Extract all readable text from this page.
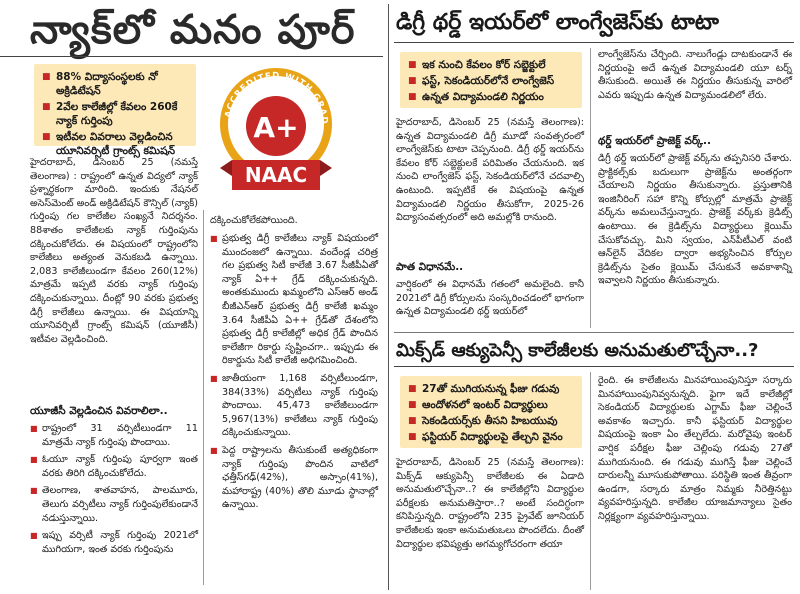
న్యాక్‌లో మనం పూర్
■ 88% విద్యాసంస్థలకు నో అక్రిడిటేషన్
■ 2వేల కాలేజీల్లో కేవలం 260కే న్యాక్ గుర్తింపు
■ ఇటీవల వివరాలు వెల్లడించిన యూనివర్సిటీ గ్రాంట్స్ కమిషన్
ACCREDITED WITH GRAD
A+
NAAC

హైదరాబాద్, డిసెంబర్ 25 (నమస్తే తెలంగాణ) : రాష్ట్రంలో ఉన్నత విద్యలో న్యాక్ ప్రశ్నార్థకంగా మారింది. ఇందుకు నేషనల్ అసెస్‌మెంట్ అండ్ అక్రిడిటేషన్ కౌన్సిల్ (న్యాక్) గుర్తింపు గల కాలేజీల సంఖ్యనే నిదర్శనం. 88శాతం కాలేజీలకు న్యాక్ గుర్తింపును దక్కించుకోలేదు. ఈ విషయంలో రాష్ట్రంలోని కాలేజీలు అత్యంత వెనుకబడి ఉన్నాయి. 2,083 కాలేజీలుండగా కేవలం 260(12%) మాత్రమే ఇప్పటి వరకు న్యాక్ గుర్తింపు దక్కించుకున్నాయి. దీంట్లో 90 వరకు ప్రభుత్వ డిగ్రీ కాలేజీలు ఉన్నాయి. ఈ విషయాన్ని యూనివర్సిటీ గ్రాంట్స్ కమిషన్ (యూజీసీ) ఇటీవల వెల్లడించింది.

యూజీసీ వెల్లడించిన వివరాలిలా..
■ రాష్ట్రంలో 31 వర్సిటీలుండగా 11 మాత్రమే న్యాక్ గుర్తింపు పొందాయి.
■ ఓయూ న్యాక్ గుర్తింపు పూర్వగా ఇంత వరకు తిరిగి దక్కించుకోలేదు.
■ తెలంగాణ, శాతవాహన, పాలమూరు, తెలుగు వర్సిటీలు న్యాక్ గుర్తింపులేకుండానే నడుస్తున్నాయి.
■ ఇప్పు వర్సిటీ న్యాక్ గుర్తింపు 2021లో ముగియగా, ఇంత వరకు గుర్తింపును
దక్కించుకోలేకపోయింది.
■ ప్రభుత్వ డిగ్రీ కాలేజీలు న్యాక్ విషయంలో ముందంజలో ఉన్నాయి. వందేండ్ల చరిత్ర గల ప్రభుత్వ సిటీ కాలేజీ 3.67 సీజీపీఏతో న్యాక్ ఏ++ గ్రేడ్ దక్కించుకున్నది. అంతకుముందు ఖమ్మంలోని ఎస్‌ఆర్ అండ్ బీజీఎన్‌ఆర్ ప్రభుత్వ డిగ్రీ కాలేజీ ఖమ్మం 3.64 సీజీపీఏ ఏ++ గ్రేడ్‌తో దేశంలోని ప్రభుత్వ డిగ్రీ కాలేజీల్లో అధిక గ్రేడ్ పొందిన కాలేజీగా రికార్డు సృష్టించగా.. ఇప్పుడు ఈ రికార్డును సిటీ కాలేజీ అధిగమించింది.
■ జాతీయంగా 1,168 వర్సిటీలుండగా, 384(33%) వర్సిటీలు న్యాక్ గుర్తింపు పొందాయి. 45,473 కాలేజీలుండగా 5,967(13%) కాలేజీలు న్యాక్ గుర్తింపు దక్కించుకున్నాయి.
■ పెద్ద రాష్ట్రాలను తీసుకుంటే అత్యధికంగా న్యాక్ గుర్తింపు పొందిన వాటిలో ఛత్తీస్‌గఢ్(42%), అస్సాం(41%), మహారాష్ట్ర (40%) తొలి మూడు స్థానాల్లో ఉన్నాయి.
డిగ్రీ థర్డ్ ఇయర్‌లో లాంగ్వేజెస్‌కు టాటా
■ ఇక నుంచి కేవలం కోర్ సబ్జెక్టులే
■ ఫస్ట్, సెకండియర్‌లోనే లాంగ్వేజెస్
■ ఉన్నత విద్యామండలి నిర్ణయం
హైదరాబాద్, డిసెంబర్ 25 (నమస్తే తెలంగాణ): ఉన్నత విద్యామండలి డిగ్రీ మూడో సంవత్సరంలో లాంగ్వేజెస్‌కు టాటా చెప్పనుంది. డిగ్రీ థర్డ్ ఇయర్‌ను కేవలం కోర్ సబ్జెక్టులకే పరిమితం చేయనుంది. ఇక నుంచి లాంగ్వేజెస్ ఫస్ట్, సెకండియర్‌లోనే చదవాల్సి ఉంటుంది. ఇప్పటికే ఈ విషయంపై ఉన్నత విద్యామండలి నిర్ణయం తీసుకోగా, 2025-26 విద్యాసంవత్సరంలో అది అమల్లోకి రానుంది.
పాత విధానమే..
వార్షికంలో ఈ విధానమే గతంలో అమలైంది. కానీ 2021లో డిగ్రీ కోర్సులను సంస్కరించడంలో భాగంగా ఉన్నత విద్యామండలి థర్డ్ ఇయర్‌లో
లాంగ్వేజెస్‌ను చేర్చింది. నాలుగేండ్లు దాటకుండానే ఈ నిర్ణయంపై అదే ఉన్నత విద్యామండలి యూ టర్న్ తీసుకుంది. అయితే ఈ నిర్ణయం తీసుకున్న వారిలో ఎవరు ఇప్పుడు ఉన్నత విద్యామండలిలో లేరు.
థర్డ్ ఇయర్‌లో ప్రాజెక్ట్ వర్క్..
డిగ్రీ థర్డ్ ఇయర్‌లో ప్రాజెక్ట్ వర్క్‌ను తప్పనిసరి చేశారు. ప్రాక్టికల్స్‌కు బదులుగా ప్రాజెక్ట్‌ను అంతర్గంగా చేయాలని నిర్ణయం తీసుకున్నారు. ప్రస్తుతానికి ఇంజినీరింగ్ సహా కొన్ని కోర్సుల్లో మాత్రమే ప్రాజెక్ట్ వర్క్‌ను అమలుచేస్తున్నారు. ప్రాజెక్ట్ వర్క్‌కు క్రెడిట్స్ ఉంటాయి. ఈ క్రెడిట్స్‌ను విద్యార్థులు క్లెయిమ్ చేసుకోవచ్చు. మిని స్వయం, ఎన్‌పీటీఎల్ వంటి ఆన్‌లైన్ వేదికల ద్వారా అభ్యసించిన కోర్సుల క్రెడిట్స్‌ను సైతం క్లెయిమ్ చేసుకునే అవకాశాన్ని ఇవ్వాలని నిర్ణయం తీసుకున్నారు.
మిక్స్‌డ్ ఆక్యుపెన్సీ కాలేజీలకు అనుమతులొచ్చేనా..?
■ 27తో ముగియనున్న ఫీజు గడువు
■ ఆందోళనలో ఇంటర్ విద్యార్థులు
■ సెకండియర్స్‌కు తీసని హిబయువు
■ ఫస్టియర్ విద్యార్థులపై తేల్చని వైనం
హైదరాబాద్, డిసెంబర్ 25 (నమస్తే తెలంగాణ): మిక్స్‌డ్ ఆక్యుపెన్సీ కాలేజీలకు ఈ ఏడాది అనుమతులొచ్చేనా..? ఈ కాలేజీల్లోని విద్యార్థుల పరీక్షలకు అనుమతిస్తారా..? అంటే సందిగ్ధంగా కనిపిస్తున్నది. రాష్ట్రంలోని 235 ప్రైవేట్ జూనియర్ కాలేజీలకు ఇంకా అనుమతుఒలు పొందలేదు. దీంతో విద్యార్థుల భవిష్యత్తు అగమ్యగోచరంగా తయా
రైంది. ఈ కాలేజీలను మినహాయింపునిస్తూ సర్కారు మినహాయింపునివ్వనున్నది. ఫైగా ఇదే కాలేజీల్లో సెకండియర్ విద్యార్థులకు ఎగ్జామ్ ఫీజు చెల్లించే అవకాశం ఇచ్చారు. కానీ ఫస్టియర్ విద్యార్థుల విషయంపై ఇంకా ఏం తేల్చలేదు. మరోవైపు ఇంటర్ వార్షిక పరీక్షల ఫీజు చెల్లింపు గడువు 27తో ముగియనుంది. ఈ గడువు ముగిస్తే ఫీజు చెల్లించే దారులన్నీ మూసుకుపోతాయి. పరిస్థితి ఇంత తీవ్రంగా ఉండగా, సర్కారు మాత్రం నిమ్మకు నీరెత్తినట్టు వ్యవహరిస్తున్నది. కాలేజీల యాజమాన్యాలు సైతం నిర్లక్ష్యంగా వ్యవహరిస్తున్నాయి.
